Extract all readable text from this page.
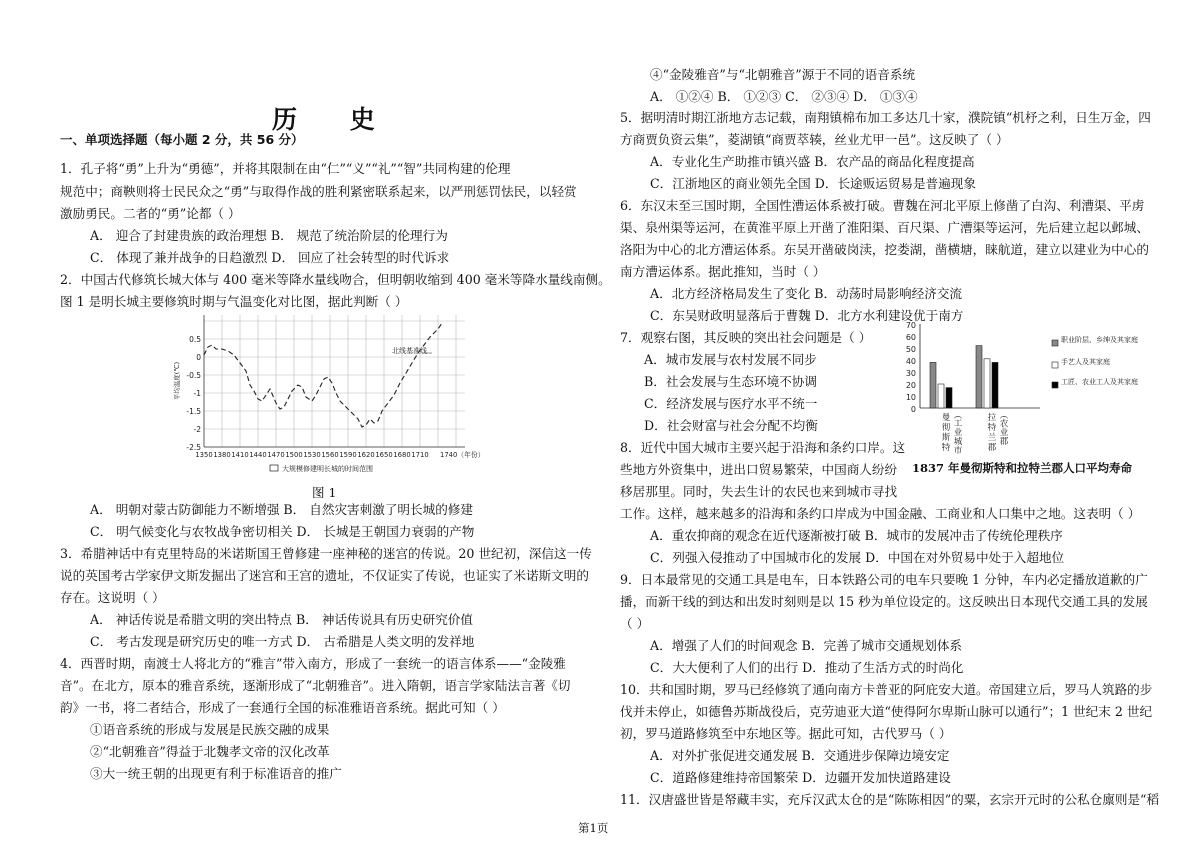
历 史
一、单项选择题（每小题 2 分，共 56 分）
1．孔子将“勇”上升为“勇德”，并将其限制在由“仁”“义”“礼”“智”共同构建的伦理
规范中；商鞅则将士民民众之“勇”与取得作战的胜利紧密联系起来，以严刑惩罚怯民，以轻赏
激励勇民。二者的“勇”论都（ ）
A． 迎合了封建贵族的政治理想 B． 规范了统治阶层的伦理行为
C． 体现了兼并战争的日趋激烈 D． 回应了社会转型的时代诉求
2．中国古代修筑长城大体与 400 毫米等降水量线吻合，但明朝收缩到 400 毫米等降水量线南侧。
图 1 是明长城主要修筑时期与气温变化对比图，据此判断（ ）
A． 明朝对蒙古防御能力不断增强 B． 自然灾害刺激了明长城的修建
C． 明气候变化与农牧战争密切相关 D． 长城是王朝国力衰弱的产物
3．希腊神话中有克里特岛的米诺斯国王曾修建一座神秘的迷宫的传说。20 世纪初，深信这一传
说的英国考古学家伊文斯发掘出了迷宫和王宫的遗址，不仅证实了传说，也证实了米诺斯文明的
存在。这说明（ ）
A． 神话传说是希腊文明的突出特点 B． 神话传说具有历史研究价值
C． 考古发现是研究历史的唯一方式 D． 古希腊是人类文明的发祥地
4．西晋时期，南渡士人将北方的“雅言”带入南方，形成了一套统一的语言体系——“金陵雅
音”。在北方，原本的雅音系统，逐渐形成了“北朝雅音”。进入隋朝，语言学家陆法言著《切
韵》一书，将二者结合，形成了一套通行全国的标准雅语音系统。据此可知（ ）
①语音系统的形成与发展是民族交融的成果
②“北朝雅音”得益于北魏孝文帝的汉化改革
③大一统王朝的出现更有利于标准语音的推广
④“金陵雅音”与“北朝雅音”源于不同的语音系统
A． ①②④ B． ①②③ C． ②③④ D． ①③④
5．据明清时期江浙地方志记载，南翔镇棉布加工多达几十家，濮院镇“机杼之利，日生万金，四
方商贾负资云集”，菱湖镇“商贾萃辏，丝业尤甲一邑”。这反映了（ ）
A．专业化生产助推市镇兴盛 B．农产品的商品化程度提高
C．江浙地区的商业领先全国 D．长途贩运贸易是普遍现象
6．东汉末至三国时期，全国性漕运体系被打破。曹魏在河北平原上修凿了白沟、利漕渠、平虏
渠、泉州渠等运河，在黄淮平原上开凿了淮阳渠、百尺渠、广漕渠等运河，先后建立起以邺城、
洛阳为中心的北方漕运体系。东吴开凿破岗渎，挖娄湖，凿横塘，睐航道，建立以建业为中心的
南方漕运体系。据此推知，当时（ ）
A．北方经济格局发生了变化 B．动荡时局影响经济交流
C．东吴财政明显落后于曹魏 D．北方水利建设优于南方
7．观察右图，其反映的突出社会问题是（ ）
A．城市发展与农村发展不同步
B．社会发展与生态环境不协调
C．经济发展与医疗水平不统一
D．社会财富与社会分配不均衡
8．近代中国大城市主要兴起于沿海和条约口岸。这
些地方外资集中，进出口贸易繁荣，中国商人纷纷
移居那里。同时，失去生计的农民也来到城市寻找
工作。这样，越来越多的沿海和条约口岸成为中国金融、工商业和人口集中之地。这表明（ ）
A．重农抑商的观念在近代逐渐被打破 B．城市的发展冲击了传统伦理秩序
C．列强入侵推动了中国城市化的发展 D．中国在对外贸易中处于入超地位
9．日本最常见的交通工具是电车，日本铁路公司的电车只要晚 1 分钟，车内必定播放道歉的广
播，而新干线的到达和出发时刻则是以 15 秒为单位设定的。这反映出日本现代交通工具的发展
（ ）
A．增强了人们的时间观念 B．完善了城市交通规划体系
C．大大便利了人们的出行 D．推动了生活方式的时尚化
10．共和国时期，罗马已经修筑了通向南方卡普亚的阿庇安大道。帝国建立后，罗马人筑路的步
伐并未停止，如德鲁苏斯战役后，克劳迪亚大道“使得阿尔卑斯山脉可以通行”；1 世纪末 2 世纪
初，罗马道路修筑至中东地区等。据此可知，古代罗马（ ）
A．对外扩张促进交通发展 B．交通进步保障边境安定
C．道路修建维持帝国繁荣 D．边疆开发加快道路建设
11．汉唐盛世皆是帑藏丰实，充斥汉武太仓的是“陈陈相因”的粟，玄宗开元时的公私仓廪则是“稻
0.5
0
-0.5
-1
-1.5
-2
-2.5
平均温度(℃)
北线基准线
1350 1380 1410 1440 1470 1500 1530 1560 1590 1620 1650 1680 1710 1740（年份）
大规模修建明长城的时间范围
图 1
70
60
50
40
30
20
10
0
职业阶层、乡绅及其家庭
手艺人及其家庭
工匠、农业工人及其家庭
曼
彻
斯
特
︵
工
业
城
市
拉
特
兰
郡
︵
农
业
郡
1837 年曼彻斯特和拉特兰郡人口平均寿命
第1页
